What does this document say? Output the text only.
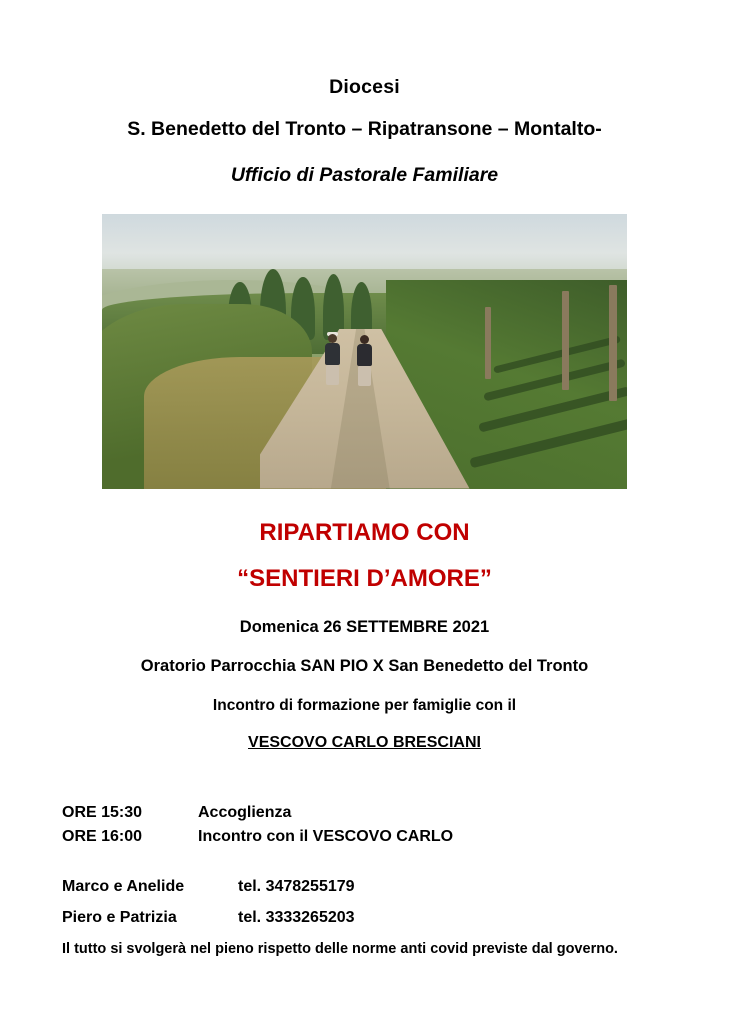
Diocesi
S. Benedetto del Tronto – Ripatransone – Montalto-
Ufficio di Pastorale Familiare
RIPARTIAMO CON
“SENTIERI D’AMORE”
Domenica 26 SETTEMBRE 2021
Oratorio Parrocchia SAN PIO X San Benedetto del Tronto
Incontro di formazione per famiglie con il
VESCOVO CARLO BRESCIANI
ORE 15:30	Accoglienza
ORE 16:00	Incontro con il VESCOVO CARLO
Marco e Anelide	tel. 3478255179
Piero e Patrizia	tel. 3333265203
Il tutto si svolgerà nel pieno rispetto delle norme anti covid previste dal governo.
